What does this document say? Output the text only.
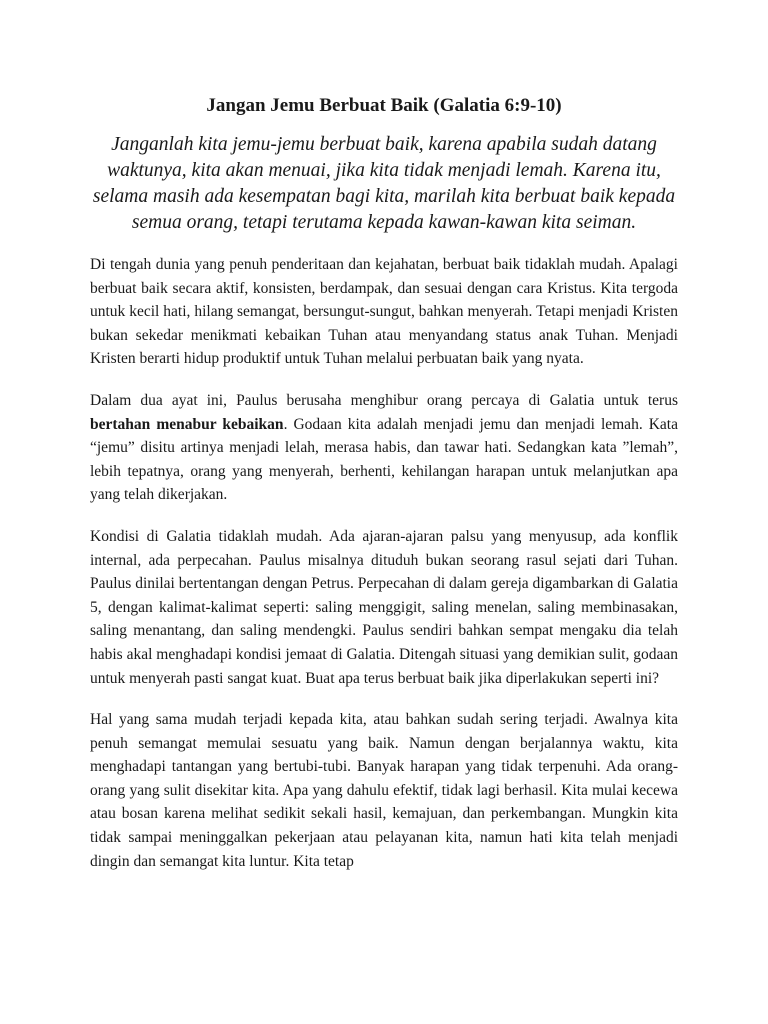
Jangan Jemu Berbuat Baik (Galatia 6:9-10)

Janganlah kita jemu-jemu berbuat baik, karena apabila sudah datang waktunya, kita akan menuai, jika kita tidak menjadi lemah. Karena itu, selama masih ada kesempatan bagi kita, marilah kita berbuat baik kepada semua orang, tetapi terutama kepada kawan-kawan kita seiman.

Di tengah dunia yang penuh penderitaan dan kejahatan, berbuat baik tidaklah mudah. Apalagi berbuat baik secara aktif, konsisten, berdampak, dan sesuai dengan cara Kristus. Kita tergoda untuk kecil hati, hilang semangat, bersungut-sungut, bahkan menyerah. Tetapi menjadi Kristen bukan sekedar menikmati kebaikan Tuhan atau menyandang status anak Tuhan. Menjadi Kristen berarti hidup produktif untuk Tuhan melalui perbuatan baik yang nyata.

Dalam dua ayat ini, Paulus berusaha menghibur orang percaya di Galatia untuk terus bertahan menabur kebaikan. Godaan kita adalah menjadi jemu dan menjadi lemah. Kata “jemu” disitu artinya menjadi lelah, merasa habis, dan tawar hati. Sedangkan kata ”lemah”, lebih tepatnya, orang yang menyerah, berhenti, kehilangan harapan untuk melanjutkan apa yang telah dikerjakan.

Kondisi di Galatia tidaklah mudah. Ada ajaran-ajaran palsu yang menyusup, ada konflik internal, ada perpecahan. Paulus misalnya dituduh bukan seorang rasul sejati dari Tuhan. Paulus dinilai bertentangan dengan Petrus. Perpecahan di dalam gereja digambarkan di Galatia 5, dengan kalimat-kalimat seperti: saling menggigit, saling menelan, saling membinasakan, saling menantang, dan saling mendengki. Paulus sendiri bahkan sempat mengaku dia telah habis akal menghadapi kondisi jemaat di Galatia. Ditengah situasi yang demikian sulit, godaan untuk menyerah pasti sangat kuat. Buat apa terus berbuat baik jika diperlakukan seperti ini?

Hal yang sama mudah terjadi kepada kita, atau bahkan sudah sering terjadi. Awalnya kita penuh semangat memulai sesuatu yang baik. Namun dengan berjalannya waktu, kita menghadapi tantangan yang bertubi-tubi. Banyak harapan yang tidak terpenuhi. Ada orang-orang yang sulit disekitar kita. Apa yang dahulu efektif, tidak lagi berhasil. Kita mulai kecewa atau bosan karena melihat sedikit sekali hasil, kemajuan, dan perkembangan. Mungkin kita tidak sampai meninggalkan pekerjaan atau pelayanan kita, namun hati kita telah menjadi dingin dan semangat kita luntur. Kita tetap
